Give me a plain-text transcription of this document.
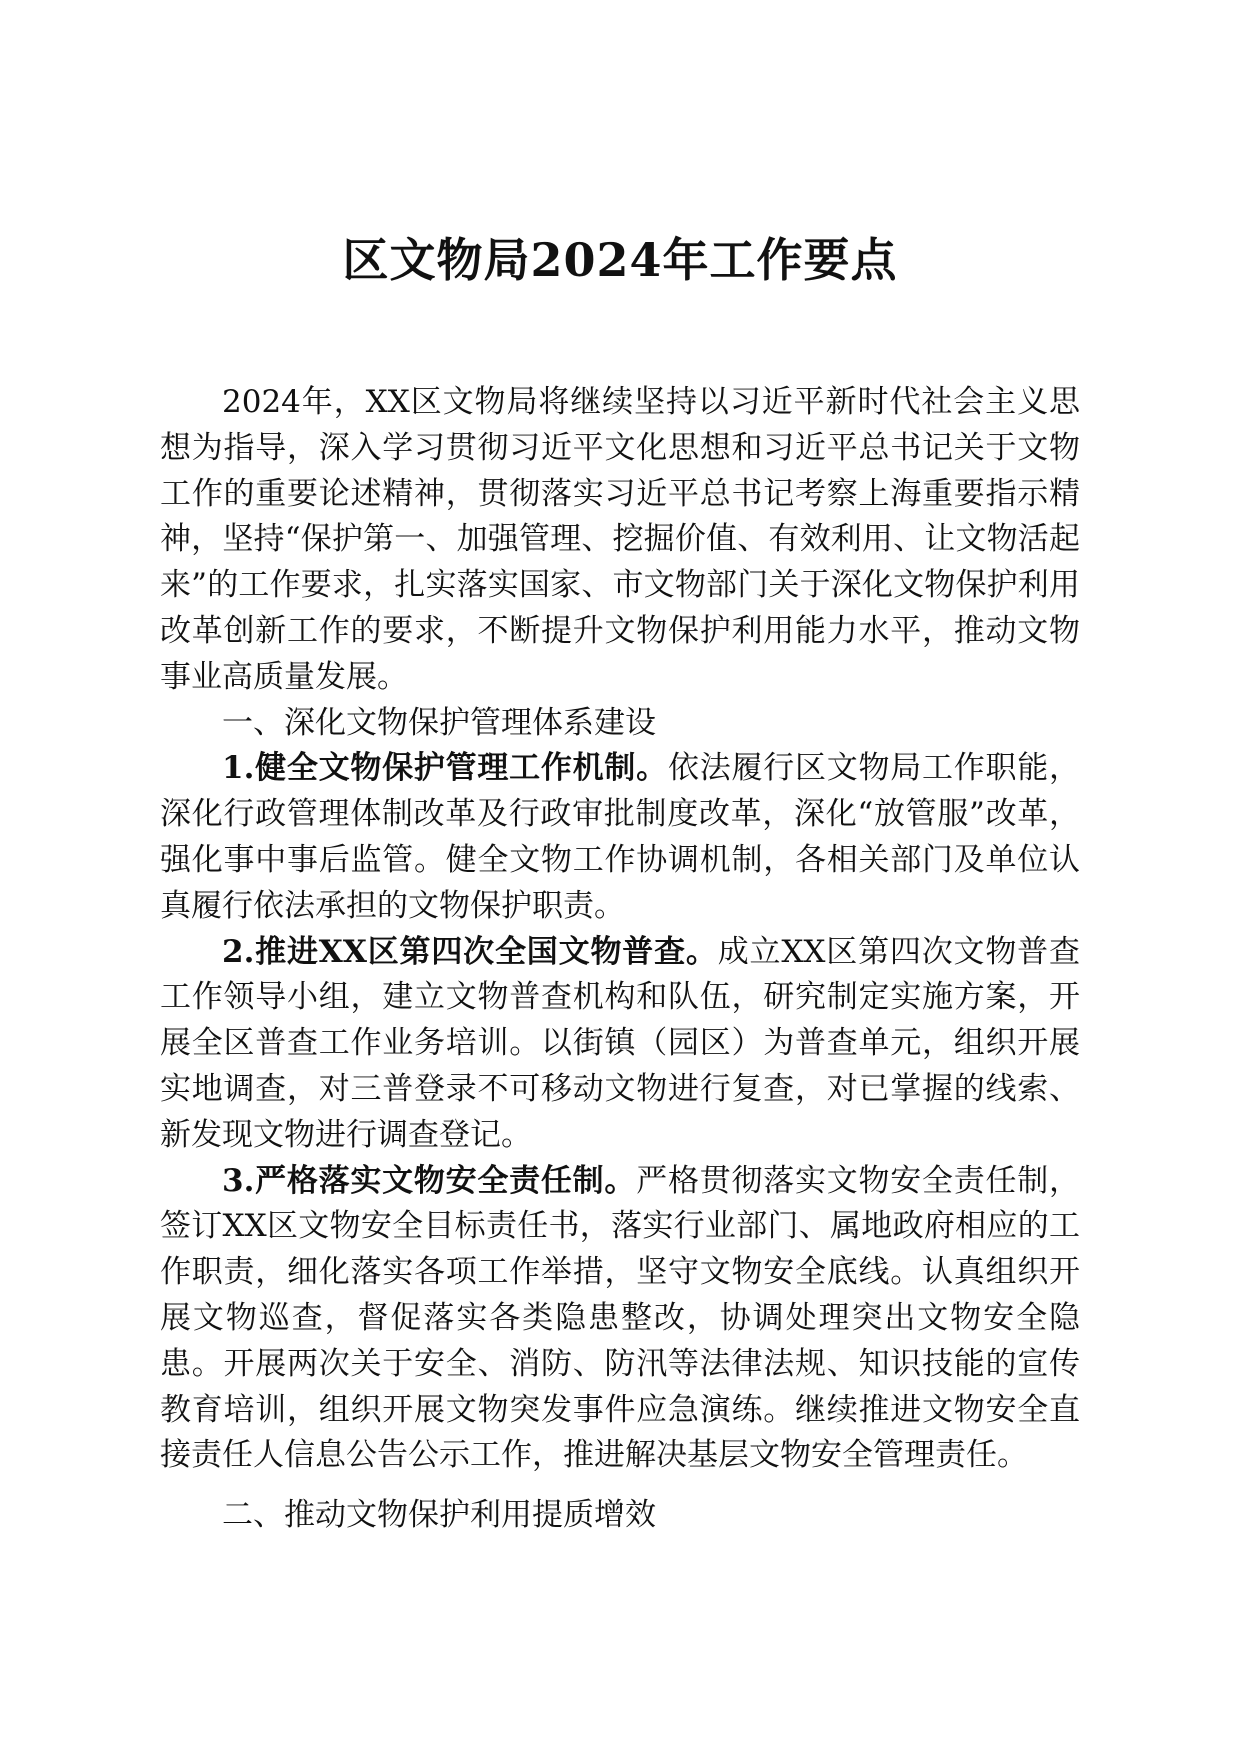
区文物局2024年工作要点

2024年，XX区文物局将继续坚持以习近平新时代社会主义思想为指导，深入学习贯彻习近平文化思想和习近平总书记关于文物工作的重要论述精神，贯彻落实习近平总书记考察上海重要指示精神，坚持“保护第一、加强管理、挖掘价值、有效利用、让文物活起来”的工作要求，扎实落实国家、市文物部门关于深化文物保护利用改革创新工作的要求，不断提升文物保护利用能力水平，推动文物事业高质量发展。

一、深化文物保护管理体系建设

1.健全文物保护管理工作机制。依法履行区文物局工作职能，深化行政管理体制改革及行政审批制度改革，深化“放管服”改革，强化事中事后监管。健全文物工作协调机制，各相关部门及单位认真履行依法承担的文物保护职责。

2.推进XX区第四次全国文物普查。成立XX区第四次文物普查工作领导小组，建立文物普查机构和队伍，研究制定实施方案，开展全区普查工作业务培训。以街镇（园区）为普查单元，组织开展实地调查，对三普登录不可移动文物进行复查，对已掌握的线索、新发现文物进行调查登记。

3.严格落实文物安全责任制。严格贯彻落实文物安全责任制，签订XX区文物安全目标责任书，落实行业部门、属地政府相应的工作职责，细化落实各项工作举措，坚守文物安全底线。认真组织开展文物巡查，督促落实各类隐患整改，协调处理突出文物安全隐患。开展两次关于安全、消防、防汛等法律法规、知识技能的宣传教育培训，组织开展文物突发事件应急演练。继续推进文物安全直接责任人信息公告公示工作，推进解决基层文物安全管理责任。

二、推动文物保护利用提质增效
